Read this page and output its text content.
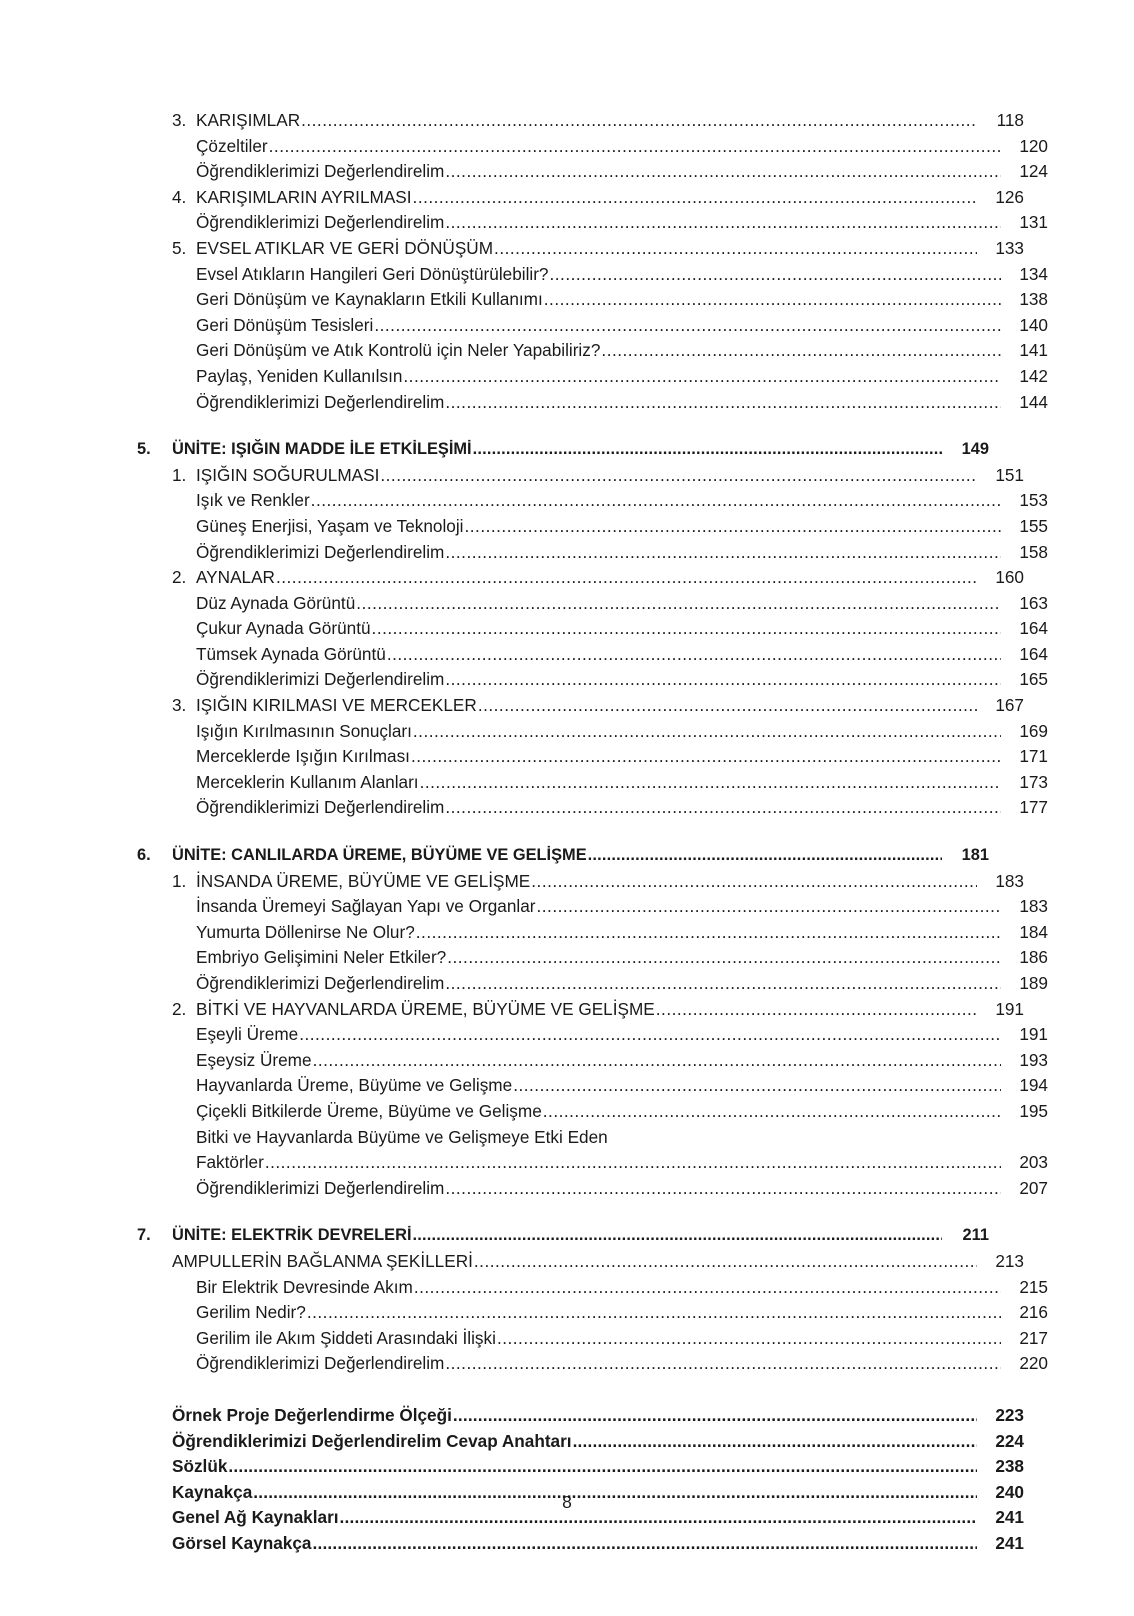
3. KARIŞIMLAR .....	118
Çözeltiler .....	120
Öğrendiklerimizi Değerlendirelim .....	124
4. KARIŞIMLARIN AYRILMASI .....	126
Öğrendiklerimizi Değerlendirelim .....	131
5. EVSEL ATIKLAR VE GERİ DÖNÜŞÜM .....	133
Evsel Atıkların Hangileri Geri Dönüştürülebilir? .....	134
Geri Dönüşüm ve Kaynakların Etkili Kullanımı .....	138
Geri Dönüşüm Tesisleri .....	140
Geri Dönüşüm ve Atık Kontrolü için Neler Yapabiliriz? .....	141
Paylaş, Yeniden Kullanılsın .....	142
Öğrendiklerimizi Değerlendirelim .....	144
5.	ÜNİTE: IŞIĞIN MADDE İLE ETKİLEŞİMİ .....	149
1. IŞIĞIN SOĞURULMASI .....	151
Işık ve Renkler .....	153
Güneş Enerjisi, Yaşam ve Teknoloji .....	155
Öğrendiklerimizi Değerlendirelim .....	158
2. AYNALAR .....	160
Düz Aynada Görüntü .....	163
Çukur Aynada Görüntü .....	164
Tümsek Aynada Görüntü .....	164
Öğrendiklerimizi Değerlendirelim .....	165
3. IŞIĞIN KIRILMASI VE MERCEKLER .....	167
Işığın Kırılmasının Sonuçları .....	169
Merceklerde Işığın Kırılması .....	171
Merceklerin Kullanım Alanları .....	173
Öğrendiklerimizi Değerlendirelim .....	177
6.	ÜNİTE: CANLILARDA ÜREME, BÜYÜME VE GELİŞME .....	181
1. İNSANDA ÜREME, BÜYÜME VE GELİŞME .....	183
İnsanda Üremeyi Sağlayan Yapı ve Organlar .....	183
Yumurta Döllenirse Ne Olur? .....	184
Embriyo Gelişimini Neler Etkiler? .....	186
Öğrendiklerimizi Değerlendirelim .....	189
2. BİTKİ VE HAYVANLARDA ÜREME, BÜYÜME VE GELİŞME .....	191
Eşeyli Üreme .....	191
Eşeysiz Üreme .....	193
Hayvanlarda Üreme, Büyüme ve Gelişme .....	194
Çiçekli Bitkilerde Üreme, Büyüme ve Gelişme .....	195
Bitki ve Hayvanlarda Büyüme ve Gelişmeye Etki Eden
Faktörler .....	203
Öğrendiklerimizi Değerlendirelim .....	207
7.	ÜNİTE: ELEKTRİK DEVRELERİ .....	211
AMPULLERİN BAĞLANMA ŞEKİLLERİ .....	213
Bir Elektrik Devresinde Akım .....	215
Gerilim Nedir? .....	216
Gerilim ile Akım Şiddeti Arasındaki İlişki .....	217
Öğrendiklerimizi Değerlendirelim .....	220
Örnek Proje Değerlendirme Ölçeği .....	223
Öğrendiklerimizi Değerlendirelim Cevap Anahtarı .....	224
Sözlük .....	238
Kaynakça .....	240
Genel Ağ Kaynakları .....	241
Görsel Kaynakça .....	241
8
